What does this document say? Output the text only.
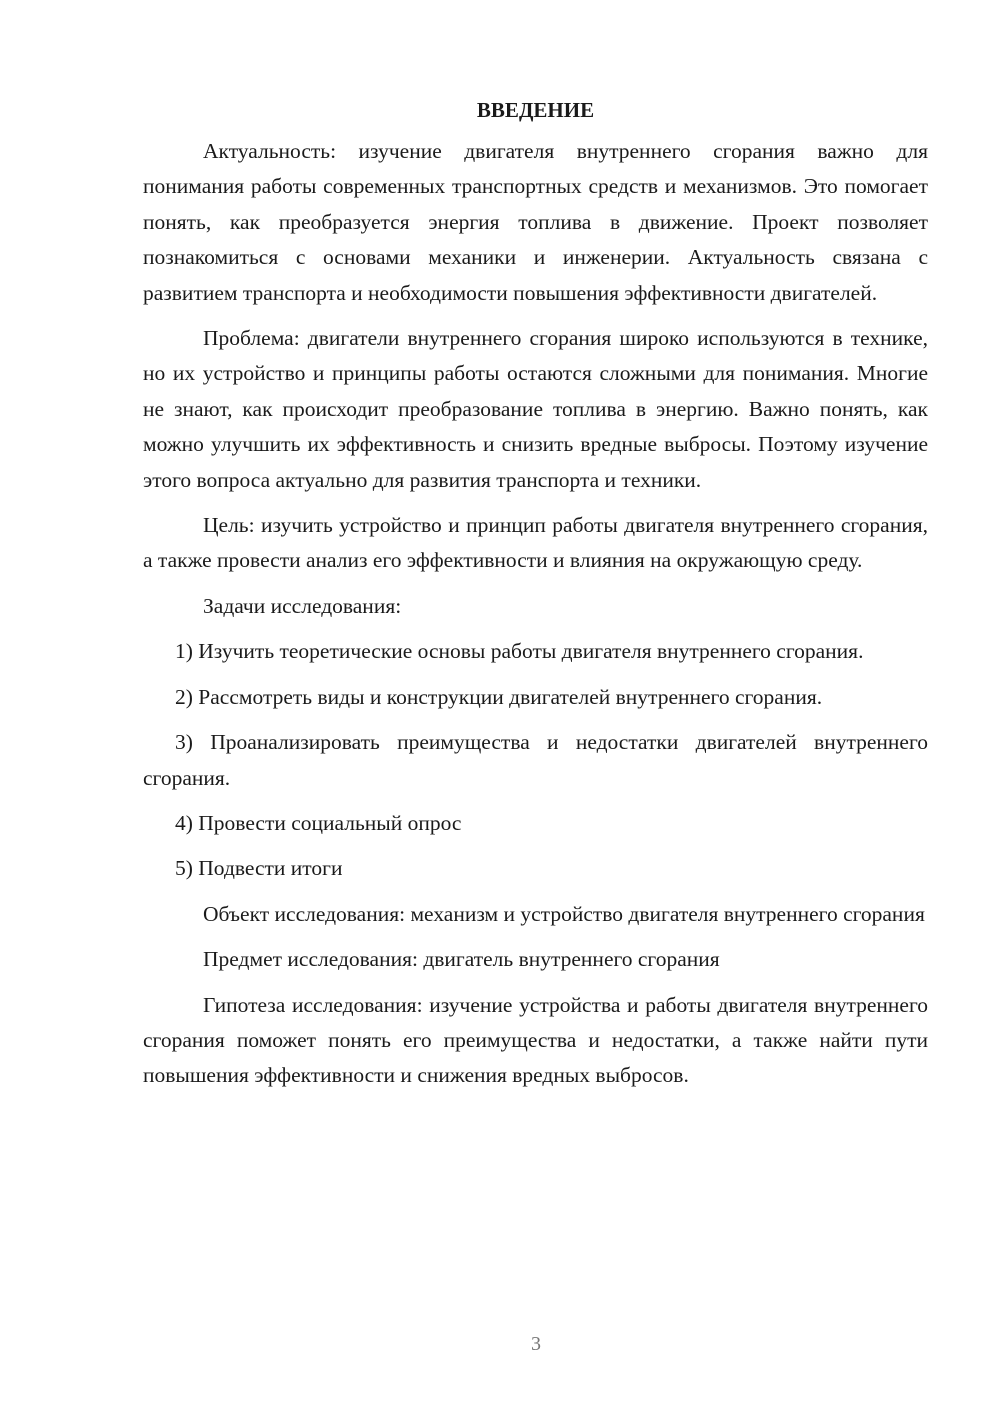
ВВЕДЕНИЕ

Актуальность: изучение двигателя внутреннего сгорания важно для понимания работы современных транспортных средств и механизмов. Это помогает понять, как преобразуется энергия топлива в движение. Проект позволяет познакомиться с основами механики и инженерии. Актуальность связана с развитием транспорта и необходимости повышения эффективности двигателей.

Проблема: двигатели внутреннего сгорания широко используются в технике, но их устройство и принципы работы остаются сложными для понимания. Многие не знают, как происходит преобразование топлива в энергию. Важно понять, как можно улучшить их эффективность и снизить вредные выбросы. Поэтому изучение этого вопроса актуально для развития транспорта и техники.

Цель: изучить устройство и принцип работы двигателя внутреннего сгорания, а также провести анализ его эффективности и влияния на окружающую среду.

Задачи исследования:

1) Изучить теоретические основы работы двигателя внутреннего сгорания.

2) Рассмотреть виды и конструкции двигателей внутреннего сгорания.

3) Проанализировать преимущества и недостатки двигателей внутреннего сгорания.

4) Провести социальный опрос

5) Подвести итоги

Объект исследования: механизм и устройство двигателя внутреннего сгорания

Предмет исследования: двигатель внутреннего сгорания

Гипотеза исследования: изучение устройства и работы двигателя внутреннего сгорания поможет понять его преимущества и недостатки, а также найти пути повышения эффективности и снижения вредных выбросов.

3
